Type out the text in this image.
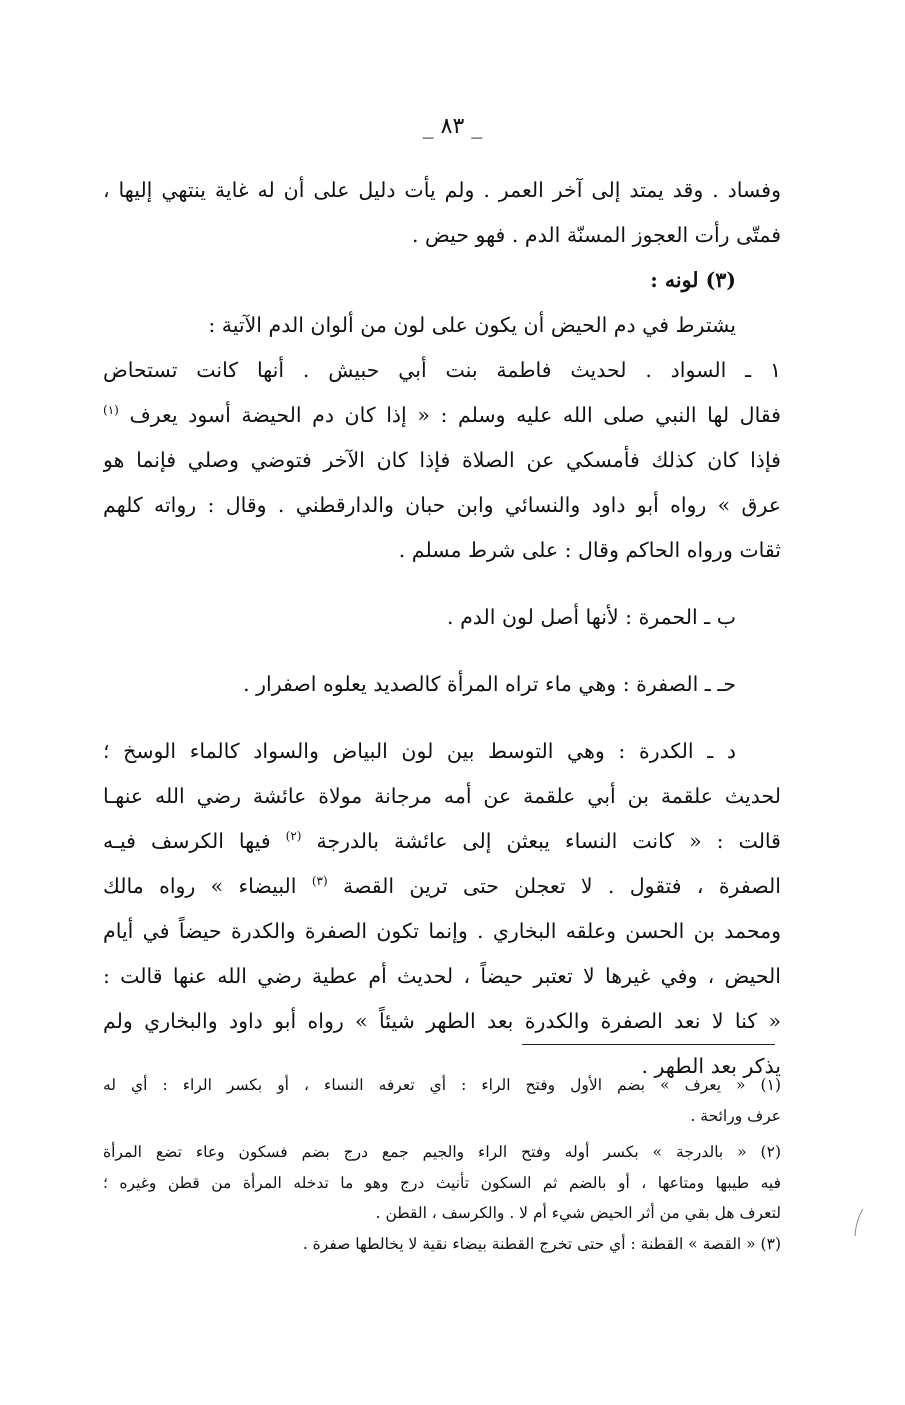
_ ٨٣ _
وفساد . وقد يمتد إلى آخر العمر . ولم يأت دليل على أن له غاية ينتهي إليها ،
فمتّى رأت العجوز المسنّة الدم . فهو حيض .
(٣) لونه :
يشترط في دم الحيض أن يكون على لون من ألوان الدم الآتية :
١ ـ السواد . لحديث فاطمة بنت أبي حبيش . أنها كانت تستحاض
فقال لها النبي صلى الله عليه وسلم : « إذا كان دم الحيضة أسود يعرف $^{(١)}$
فإذا كان كذلك فأمسكي عن الصلاة فإذا كان الآخر فتوضي وصلي فإنما هو
عرق » رواه أبو داود والنسائي وابن حبان والدارقطني . وقال : رواته كلهم
ثقات ورواه الحاكم وقال : على شرط مسلم .
ب ـ الحمرة : لأنها أصل لون الدم .
حـ ـ الصفرة : وهي ماء تراه المرأة كالصديد يعلوه اصفرار .
د ـ الكدرة : وهي التوسط بين لون البياض والسواد كالماء الوسخ ؛
لحديث علقمة بن أبي علقمة عن أمه مرجانة مولاة عائشة رضي الله عنهـا
قالت : « كانت النساء يبعثن إلى عائشة بالدرجة $^{(٢)}$ فيها الكرسف فيـه
الصفرة ، فتقول . لا تعجلن حتى ترين القصة $^{(٣)}$ البيضاء » رواه مالك
ومحمد بن الحسن وعلقه البخاري . وإنما تكون الصفرة والكدرة حيضاً في أيام
الحيض ، وفي غيرها لا تعتبر حيضاً ، لحديث أم عطية رضي الله عنها قالت :
« كنا لا نعد الصفرة والكدرة بعد الطهر شيئاً » رواه أبو داود والبخاري ولم
يذكر بعد الطهر .
(١) « يعرف » بضم الأول وفتح الراء : أي تعرفه النساء ، أو بكسر الراء : أي له
عرف ورائحة .
(٢) « بالدرجة » بكسر أوله وفتح الراء والجيم جمع درج بضم فسكون وعاء تضع المرأة
فيه طيبها ومتاعها ، أو بالضم ثم السكون تأنيث درج وهو ما تدخله المرأة من قطن وغيره ؛
لتعرف هل بقي من أثر الحيض شيء أم لا . والكرسف ، القطن .
(٣) « القصة » القطنة : أي حتى تخرج القطنة بيضاء نقية لا يخالطها صفرة .
